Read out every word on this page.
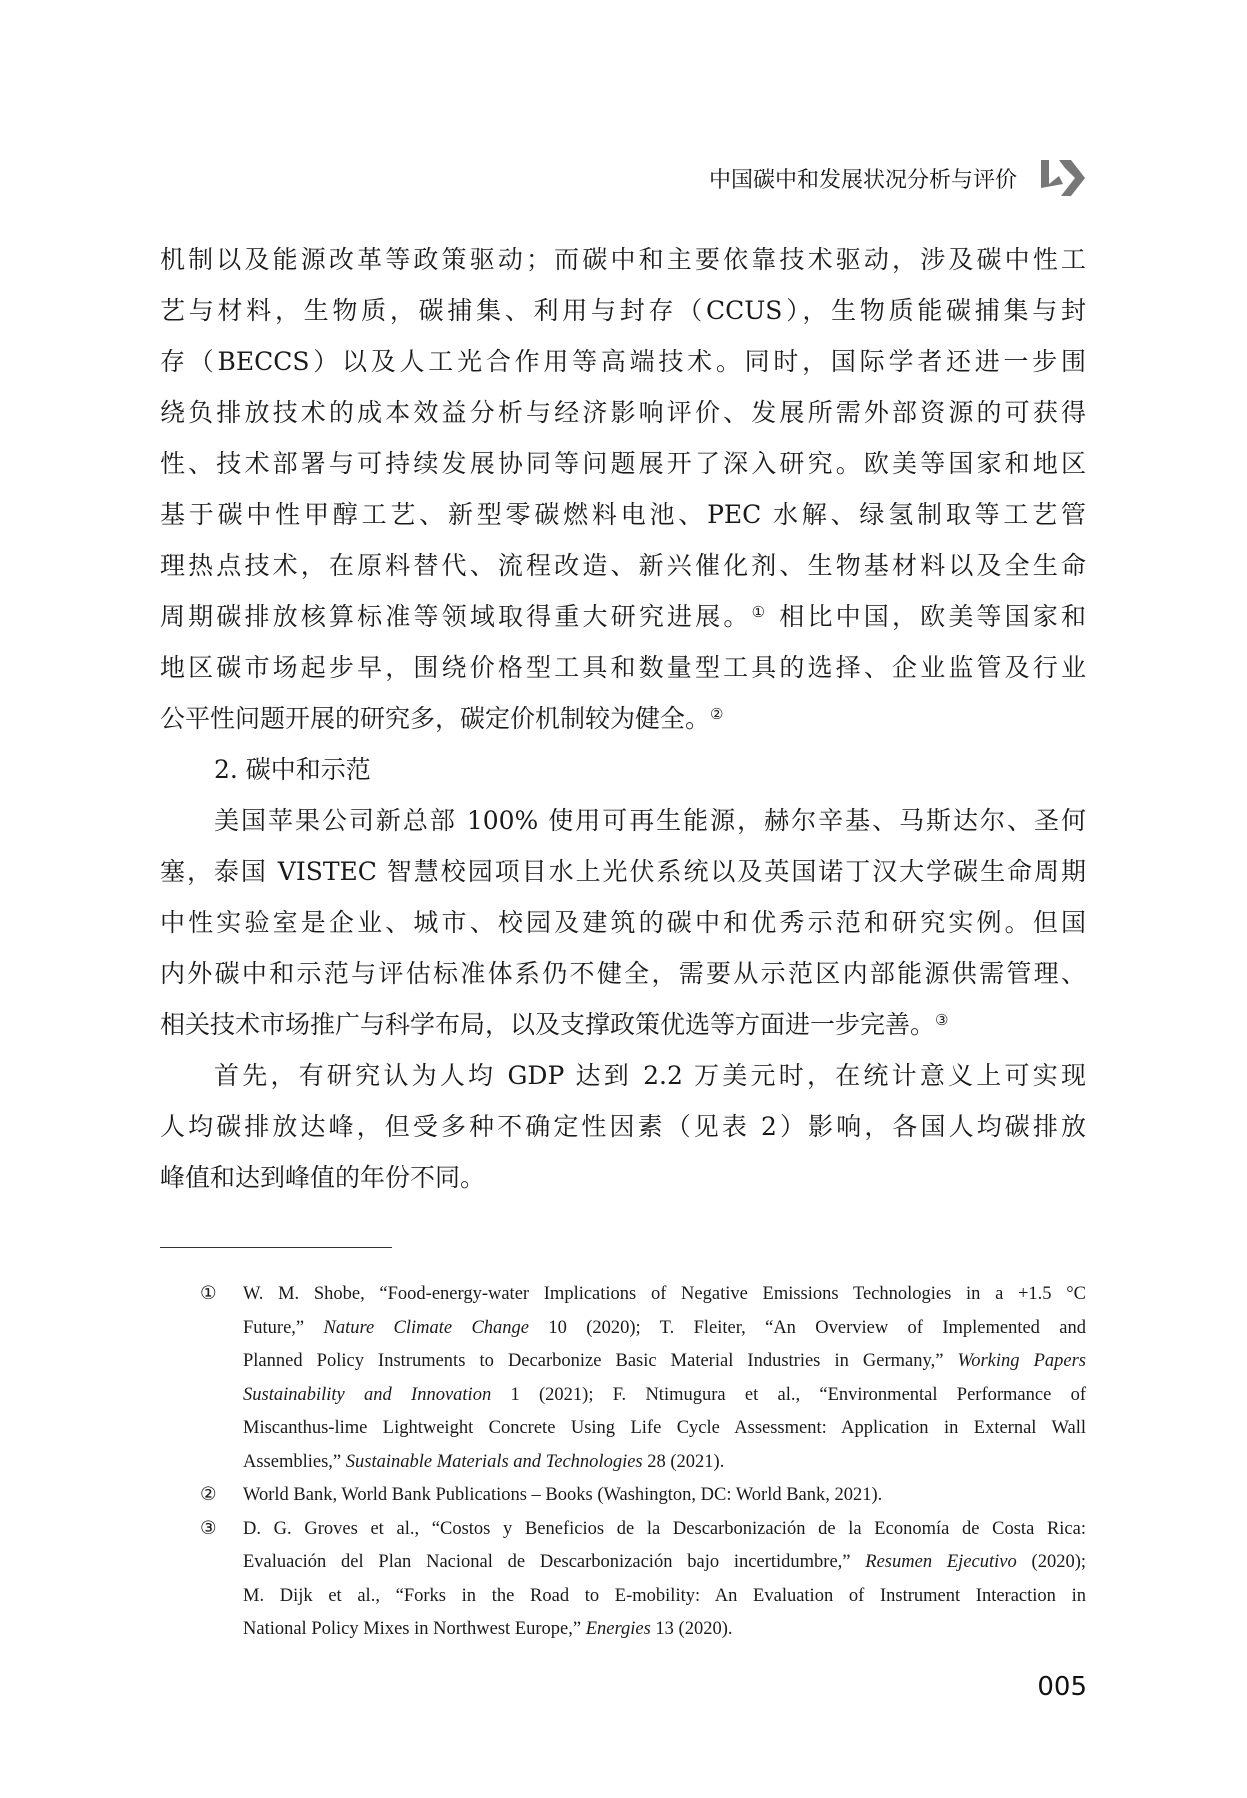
中国碳中和发展状况分析与评价
机制以及能源改革等政策驱动；而碳中和主要依靠技术驱动，涉及碳中性工
艺与材料，生物质，碳捕集、利用与封存（CCUS），生物质能碳捕集与封
存（BECCS）以及人工光合作用等高端技术。同时，国际学者还进一步围
绕负排放技术的成本效益分析与经济影响评价、发展所需外部资源的可获得
性、技术部署与可持续发展协同等问题展开了深入研究。欧美等国家和地区
基于碳中性甲醇工艺、新型零碳燃料电池、PEC 水解、绿氢制取等工艺管
理热点技术，在原料替代、流程改造、新兴催化剂、生物基材料以及全生命
周期碳排放核算标准等领域取得重大研究进展。① 相比中国，欧美等国家和
地区碳市场起步早，围绕价格型工具和数量型工具的选择、企业监管及行业
公平性问题开展的研究多，碳定价机制较为健全。②
2. 碳中和示范
美国苹果公司新总部 100% 使用可再生能源，赫尔辛基、马斯达尔、圣何
塞，泰国 VISTEC 智慧校园项目水上光伏系统以及英国诺丁汉大学碳生命周期
中性实验室是企业、城市、校园及建筑的碳中和优秀示范和研究实例。但国
内外碳中和示范与评估标准体系仍不健全，需要从示范区内部能源供需管理、
相关技术市场推广与科学布局，以及支撑政策优选等方面进一步完善。③
首先，有研究认为人均 GDP 达到 2.2 万美元时，在统计意义上可实现
人均碳排放达峰，但受多种不确定性因素（见表 2）影响，各国人均碳排放
峰值和达到峰值的年份不同。
①	W. M. Shobe, “Food-energy-water Implications of Negative Emissions Technologies in a +1.5 °C
Future,” Nature Climate Change 10 (2020); T. Fleiter, “An Overview of Implemented and
Planned Policy Instruments to Decarbonize Basic Material Industries in Germany,” Working Papers
Sustainability and Innovation 1 (2021); F. Ntimugura et al., “Environmental Performance of
Miscanthus-lime Lightweight Concrete Using Life Cycle Assessment: Application in External Wall
Assemblies,” Sustainable Materials and Technologies 28 (2021).
②	World Bank, World Bank Publications – Books (Washington, DC: World Bank, 2021).
③	D. G. Groves et al., “Costos y Beneficios de la Descarbonización de la Economía de Costa Rica:
Evaluación del Plan Nacional de Descarbonización bajo incertidumbre,” Resumen Ejecutivo (2020);
M. Dijk et al., “Forks in the Road to E-mobility: An Evaluation of Instrument Interaction in
National Policy Mixes in Northwest Europe,” Energies 13 (2020).
005
